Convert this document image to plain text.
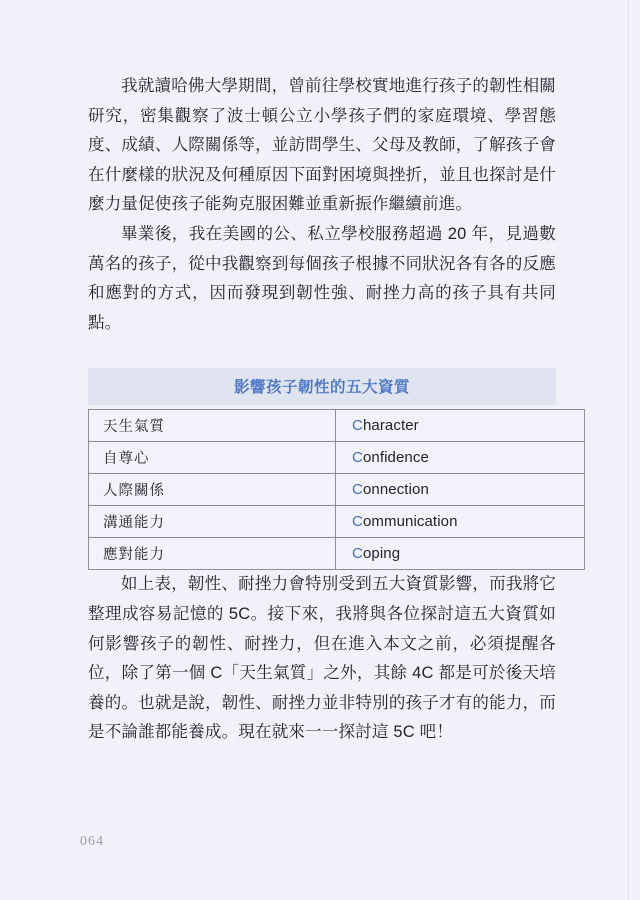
我就讀哈佛大學期間，曾前往學校實地進行孩子的韌性相關研究，密集觀察了波士頓公立小學孩子們的家庭環境、學習態度、成績、人際關係等，並訪問學生、父母及教師，了解孩子會在什麼樣的狀況及何種原因下面對困境與挫折，並且也探討是什麼力量促使孩子能夠克服困難並重新振作繼續前進。

畢業後，我在美國的公、私立學校服務超過 20 年，見過數萬名的孩子，從中我觀察到每個孩子根據不同狀況各有各的反應和應對的方式，因而發現到韌性強、耐挫力高的孩子具有共同點。

影響孩子韌性的五大資質
天生氣質	Character
自尊心	Confidence
人際關係	Connection
溝通能力	Communication
應對能力	Coping

如上表，韌性、耐挫力會特別受到五大資質影響，而我將它整理成容易記憶的 5C。接下來，我將與各位探討這五大資質如何影響孩子的韌性、耐挫力，但在進入本文之前，必須提醒各位，除了第一個 C「天生氣質」之外，其餘 4C 都是可於後天培養的。也就是說，韌性、耐挫力並非特別的孩子才有的能力，而是不論誰都能養成。現在就來一一探討這 5C 吧！

064
